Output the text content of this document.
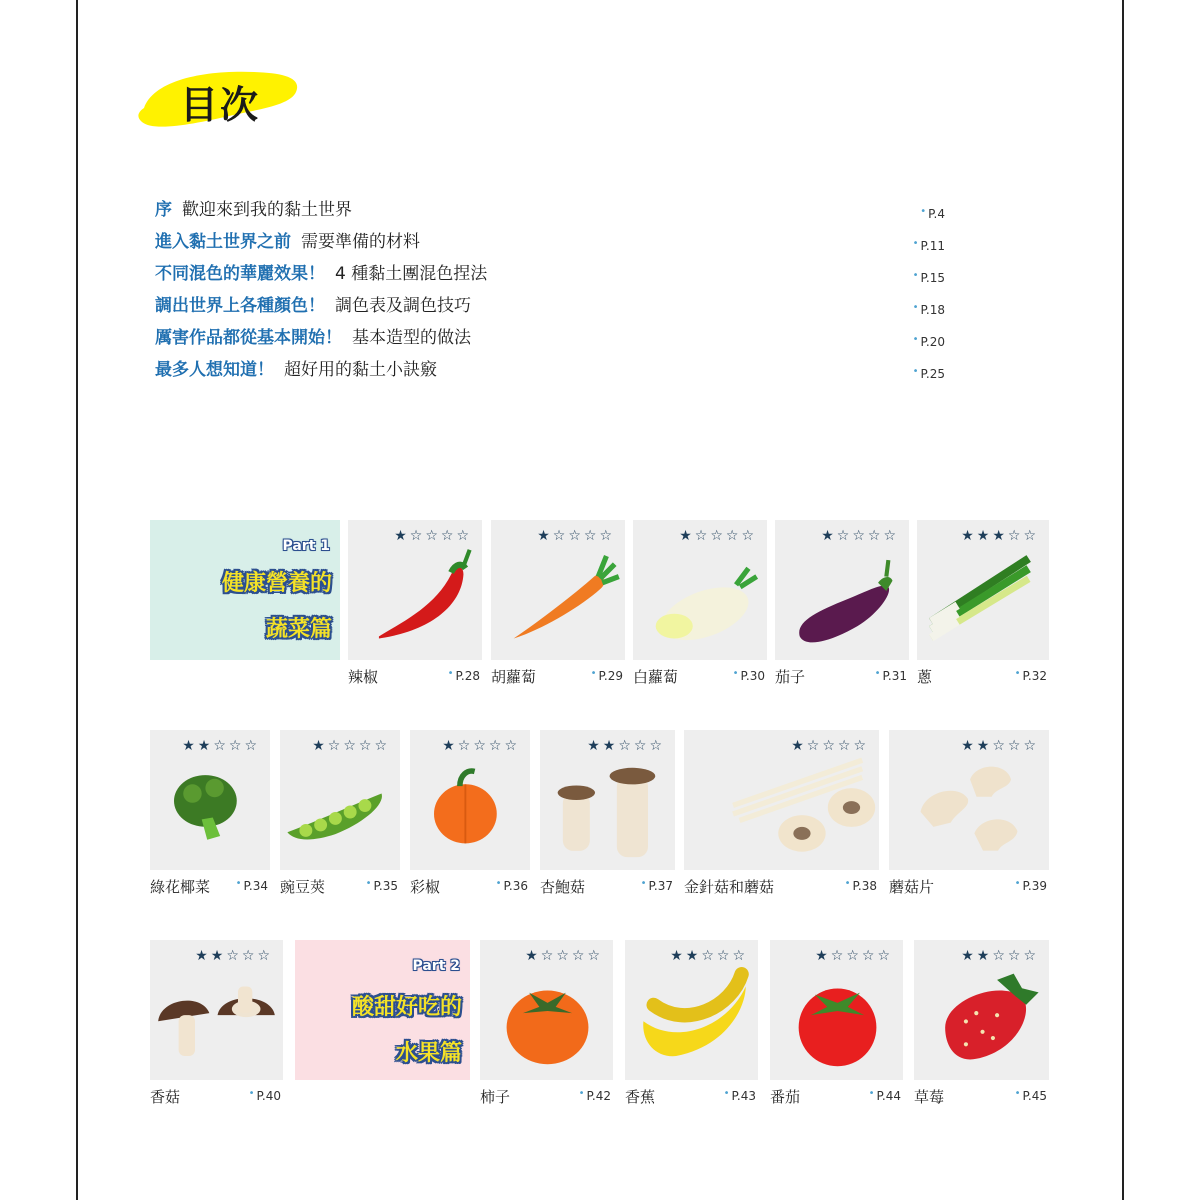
目次
序 歡迎來到我的黏土世界	• P.4
進入黏土世界之前 需要準備的材料	• P.11
不同混色的華麗效果！ 4 種黏土團混色捏法	• P.15
調出世界上各種顏色！ 調色表及調色技巧	• P.18
厲害作品都從基本開始！ 基本造型的做法	• P.20
最多人想知道！ 超好用的黏土小訣竅	• P.25
Part 1
健康營養的
蔬菜篇
Part 2
酸甜好吃的
水果篇
★☆☆☆☆
辣椒	• P.28
★☆☆☆☆
胡蘿蔔	• P.29
★☆☆☆☆
白蘿蔔	• P.30
★☆☆☆☆
茄子	• P.31
★★★☆☆
蔥	• P.32
★★☆☆☆
綠花椰菜	• P.34
★☆☆☆☆
豌豆莢	• P.35
★☆☆☆☆
彩椒	• P.36
★★☆☆☆
杏鮑菇	• P.37
★☆☆☆☆
金針菇和蘑菇	• P.38
★★☆☆☆
蘑菇片	• P.39
★★☆☆☆
香菇	• P.40
★☆☆☆☆
柿子	• P.42
★★☆☆☆
香蕉	• P.43
★☆☆☆☆
番茄	• P.44
★★☆☆☆
草莓	• P.45
